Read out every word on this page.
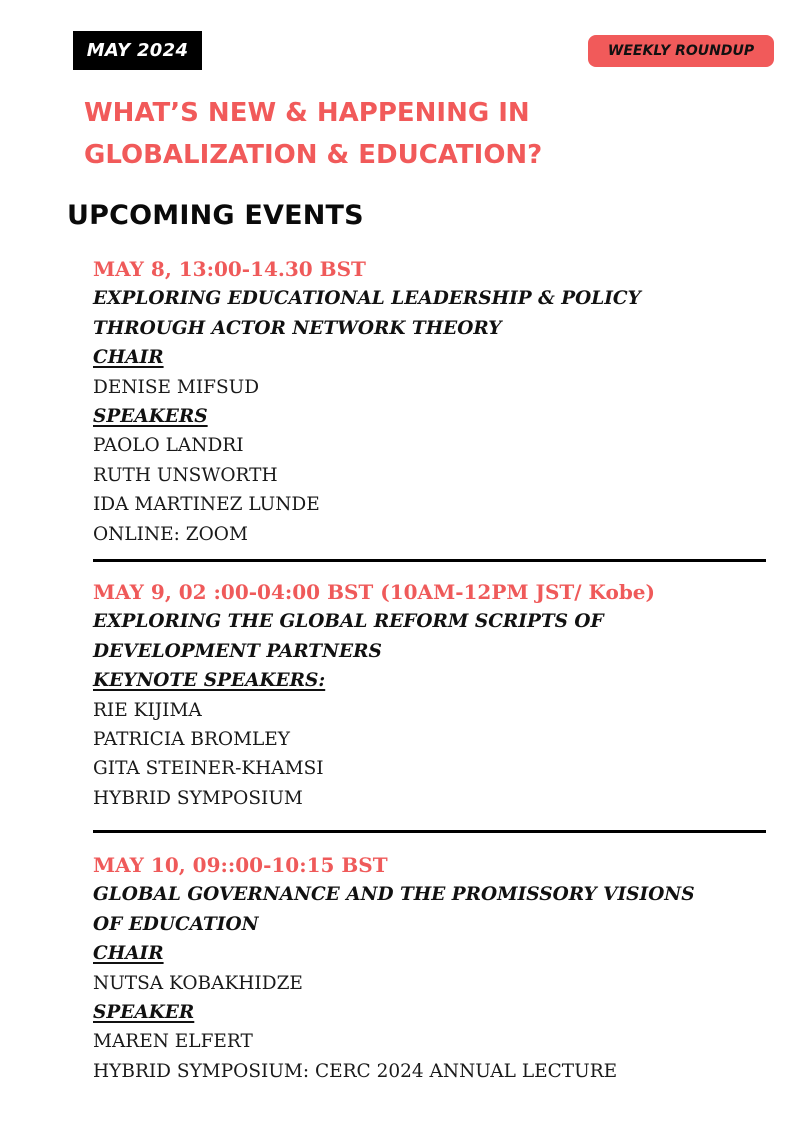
MAY 2024	WEEKLY ROUNDUP
WHAT’S NEW & HAPPENING IN
GLOBALIZATION & EDUCATION?
UPCOMING EVENTS
MAY 8, 13:00-14.30 BST
EXPLORING EDUCATIONAL LEADERSHIP & POLICY
THROUGH ACTOR NETWORK THEORY
CHAIR
DENISE MIFSUD
SPEAKERS
PAOLO LANDRI
RUTH UNSWORTH
IDA MARTINEZ LUNDE
ONLINE: ZOOM
MAY 9, 02 :00-04:00 BST (10AM-12PM JST/ Kobe)
EXPLORING THE GLOBAL REFORM SCRIPTS OF
DEVELOPMENT PARTNERS
KEYNOTE SPEAKERS:
RIE KIJIMA
PATRICIA BROMLEY
GITA STEINER-KHAMSI
HYBRID SYMPOSIUM
MAY 10, 09::00-10:15 BST
GLOBAL GOVERNANCE AND THE PROMISSORY VISIONS
OF EDUCATION
CHAIR
NUTSA KOBAKHIDZE
SPEAKER
MAREN ELFERT
HYBRID SYMPOSIUM: CERC 2024 ANNUAL LECTURE
